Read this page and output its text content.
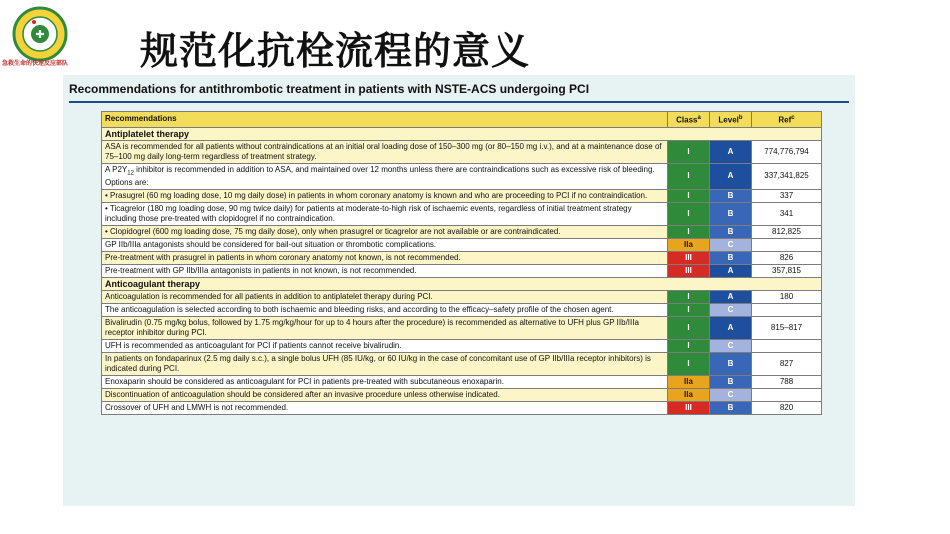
急救生命的快速反应部队	规范化抗栓流程的意义
Recommendations for antithrombotic treatment in patients with NSTE-ACS undergoing PCI
Recommendations	Class$^a$	Level$^b$	Ref$^c$
Antiplatelet therapy			
ASA is recommended for all patients without contraindications at an initial oral loading dose of 150–300 mg (or 80–150 mg i.v.), and at a maintenance dose of 75–100 mg daily long-term regardless of treatment strategy.	I	A	774,776,794
A $P2Y_{12}$ inhibitor is recommended in addition to ASA, and maintained over 12 months unless there are contraindications such as excessive risk of bleeding. Options are:	I	A	337,341,825
• Prasugrel (60 mg loading dose, 10 mg daily dose) in patients in whom coronary anatomy is known and who are proceeding to PCI if no contraindication.	I	B	337
• Ticagrelor (180 mg loading dose, 90 mg twice daily) for patients at moderate-to-high risk of ischaemic events, regardless of initial treatment strategy including those pre-treated with clopidogrel if no contraindication.	I	B	341
• Clopidogrel (600 mg loading dose, 75 mg daily dose), only when prasugrel or ticagrelor are not available or are contraindicated.	I	B	812,825
GP IIb/IIIa antagonists should be considered for bail-out situation or thrombotic complications.	IIa	C	
Pre-treatment with prasugrel in patients in whom coronary anatomy not known, is not recommended.	III	B	826
Pre-treatment with GP IIb/IIIa antagonists in patients in not known, is not recommended.	III	A	357,815
Anticoagulant therapy			
Anticoagulation is recommended for all patients in addition to antiplatelet therapy during PCI.	I	A	180
The anticoagulation is selected according to both ischaemic and bleeding risks, and according to the efficacy–safety profile of the chosen agent.	I	C	
Bivalirudin (0.75 mg/kg bolus, followed by 1.75 mg/kg/hour for up to 4 hours after the procedure) is recommended as alternative to UFH plus GP IIb/IIIa receptor inhibitor during PCI.	I	A	815–817
UFH is recommended as anticoagulant for PCI if patients cannot receive bivalirudin.	I	C	
In patients on fondaparinux (2.5 mg daily s.c.), a single bolus UFH (85 IU/kg, or 60 IU/kg in the case of concomitant use of GP IIb/IIIa receptor inhibitors) is indicated during PCI.	I	B	827
Enoxaparin should be considered as anticoagulant for PCI in patients pre-treated with subcutaneous enoxaparin.	IIa	B	788
Discontinuation of anticoagulation should be considered after an invasive procedure unless otherwise indicated.	IIa	C	
Crossover of UFH and LMWH is not recommended.	III	B	820
